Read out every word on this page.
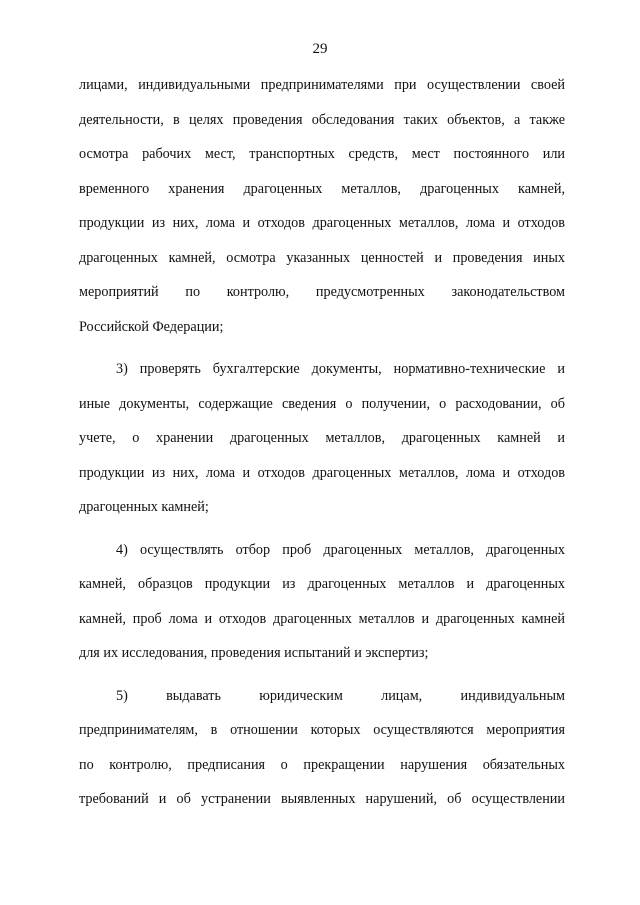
29
лицами, индивидуальными предпринимателями при осуществлении своей
деятельности, в целях проведения обследования таких объектов, а также
осмотра рабочих мест, транспортных средств, мест постоянного или
временного хранения драгоценных металлов, драгоценных камней,
продукции из них, лома и отходов драгоценных металлов, лома и отходов
драгоценных камней, осмотра указанных ценностей и проведения иных
мероприятий по контролю, предусмотренных законодательством
Российской Федерации;
3) проверять бухгалтерские документы, нормативно-технические и
иные документы, содержащие сведения о получении, о расходовании, об
учете, о хранении драгоценных металлов, драгоценных камней и
продукции из них, лома и отходов драгоценных металлов, лома и отходов
драгоценных камней;
4) осуществлять отбор проб драгоценных металлов, драгоценных
камней, образцов продукции из драгоценных металлов и драгоценных
камней, проб лома и отходов драгоценных металлов и драгоценных камней
для их исследования, проведения испытаний и экспертиз;
5) выдавать юридическим лицам, индивидуальным
предпринимателям, в отношении которых осуществляются мероприятия
по контролю, предписания о прекращении нарушения обязательных
требований и об устранении выявленных нарушений, об осуществлении
